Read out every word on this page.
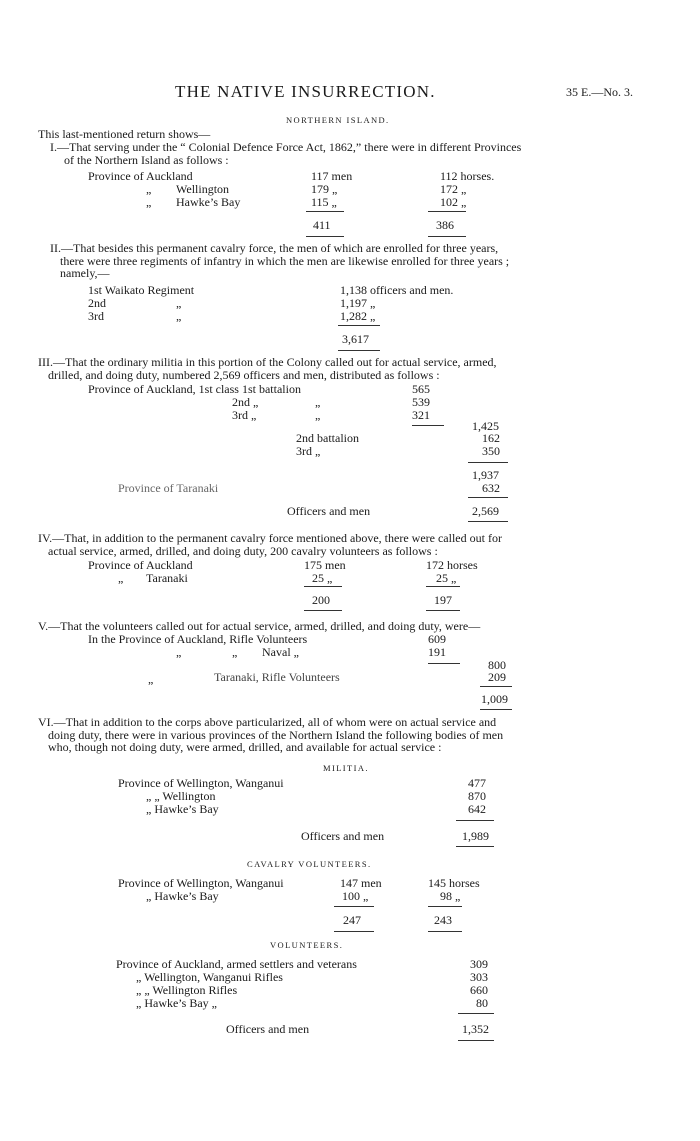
THE NATIVE INSURRECTION.	35 E.—No. 3.
NORTHERN ISLAND.
This last-mentioned return shows—
I.—That serving under the “ Colonial Defence Force Act, 1862,” there were in different Provinces
of the Northern Island as follows :
Province of Auckland	117 men	112 horses.
„ Wellington	179 „	172 „
„ Hawke’s Bay	115 „	102 „
411	386
II.—That besides this permanent cavalry force, the men of which are enrolled for three years,
there were three regiments of infantry in which the men are likewise enrolled for three years ;
namely,—
1st Waikato Regiment	1,138 officers and men.
2nd	„	1,197 „
3rd	„	1,282 „
3,617
III.—That the ordinary militia in this portion of the Colony called out for actual service, armed,
drilled, and doing duty, numbered 2,569 officers and men, distributed as follows :
Province of Auckland, 1st class 1st battalion	565
2nd „	„	539
3rd „	„	321
1,425
2nd battalion	162
3rd „	350
1,937
Province of Taranaki	632
Officers and men	2,569
IV.—That, in addition to the permanent cavalry force mentioned above, there were called out for
actual service, armed, drilled, and doing duty, 200 cavalry volunteers as follows :
Province of Auckland	175 men	172 horses
„ Taranaki	25 „	25 „
200	197
V.—That the volunteers called out for actual service, armed, drilled, and doing duty, were—
In the Province of Auckland, Rifle Volunteers	609
„	„ Naval „	191
800
„	Taranaki, Rifle Volunteers	209
1,009
VI.—That in addition to the corps above particularized, all of whom were on actual service and
doing duty, there were in various provinces of the Northern Island the following bodies of men
who, though not doing duty, were armed, drilled, and available for actual service :
MILITIA.
Province of Wellington, Wanganui	477
„ „ Wellington	870
„ Hawke’s Bay	642
Officers and men	1,989
CAVALRY VOLUNTEERS.
Province of Wellington, Wanganui	147 men	145 horses
„ Hawke’s Bay	100 „	98 „
247	243
VOLUNTEERS.
Province of Auckland, armed settlers and veterans	309
„ Wellington, Wanganui Rifles	303
„ „ Wellington Rifles	660
„ Hawke’s Bay „	80
Officers and men	1,352
